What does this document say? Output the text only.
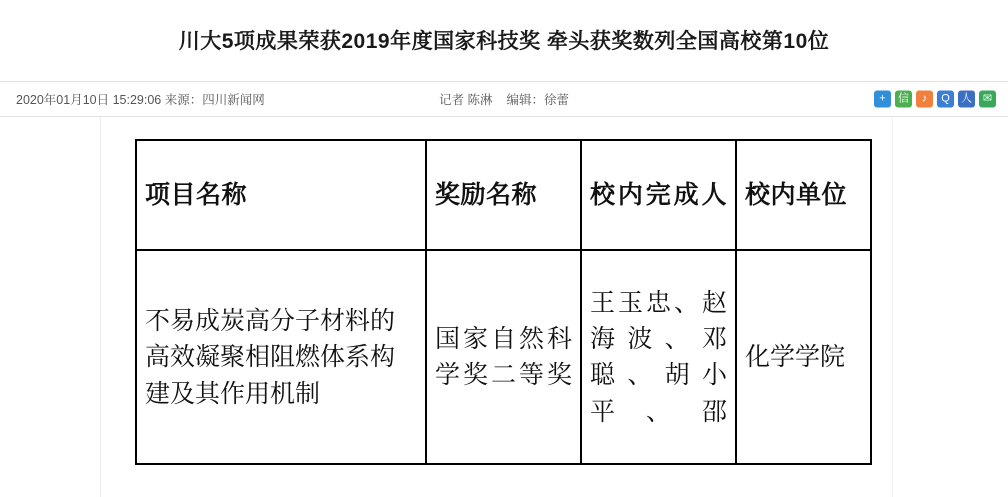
川大5项成果荣获2019年度国家科技奖 牵头获奖数列全国高校第10位
2020年01月10日 15:29:06 来源：四川新闻网	记者 陈淋 编辑：徐蕾	+	信	♪	Q	人 ✉
项目名称	奖励名称	校内完成人	校内单位
不易成炭高分子材料的高效凝聚相阻燃体系构建及其作用机制	国家自然科学奖二等奖	王玉忠、赵海波、邓聪、胡小平、邵	化学学院
